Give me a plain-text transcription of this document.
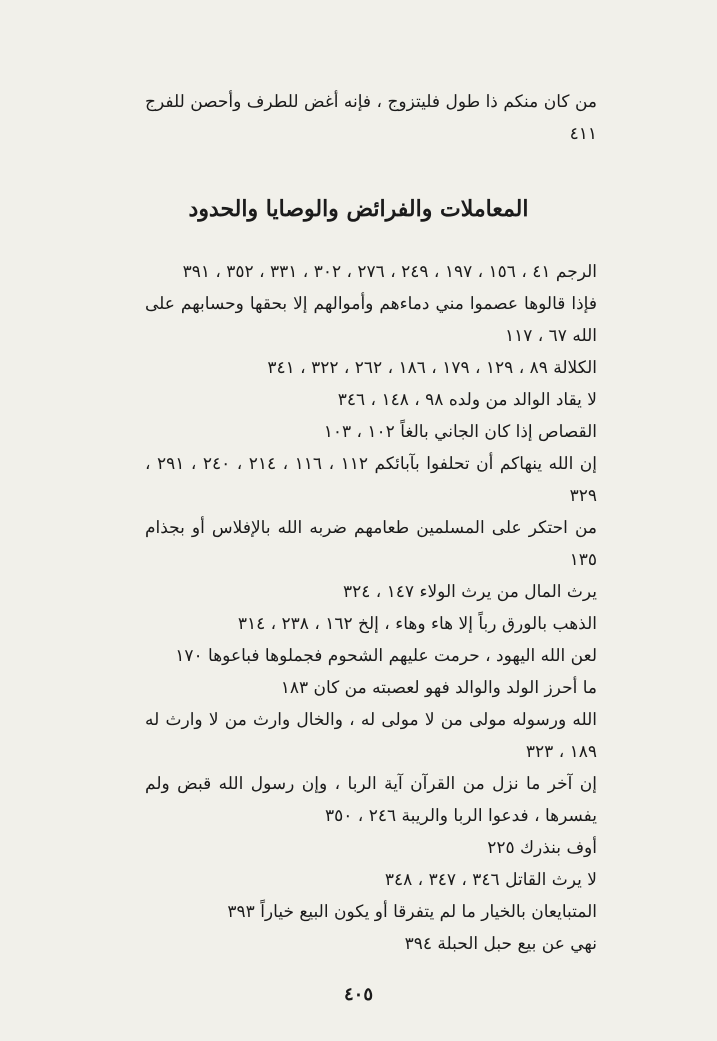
من كان منكم ذا طول فليتزوج ، فإنه أغض للطرف وأحصن للفرج ٤١١

المعاملات والفرائض والوصايا والحدود

الرجم ٤١ ، ١٥٦ ، ١٩٧ ، ٢٤٩ ، ٢٧٦ ، ٣٠٢ ، ٣٣١ ، ٣٥٢ ، ٣٩١

فإذا قالوها عصموا مني دماءهم وأموالهم إلا بحقها وحسابهم على الله ٦٧ ، ١١٧

الكلالة ٨٩ ، ١٢٩ ، ١٧٩ ، ١٨٦ ، ٢٦٢ ، ٣٢٢ ، ٣٤١

لا يقاد الوالد من ولده ٩٨ ، ١٤٨ ، ٣٤٦

القصاص إذا كان الجاني بالغاً ١٠٢ ، ١٠٣

إن الله ينهاكم أن تحلفوا بآبائكم ١١٢ ، ١١٦ ، ٢١٤ ، ٢٤٠ ، ٢٩١ ، ٣٢٩

من احتكر على المسلمين طعامهم ضربه الله بالإفلاس أو بجذام ١٣٥

يرث المال من يرث الولاء ١٤٧ ، ٣٢٤

الذهب بالورق رباً إلا هاء وهاء ، إلخ ١٦٢ ، ٢٣٨ ، ٣١٤

لعن الله اليهود ، حرمت عليهم الشحوم فجملوها فباعوها ١٧٠

ما أحرز الولد والوالد فهو لعصبته من كان ١٨٣

الله ورسوله مولى من لا مولى له ، والخال وارث من لا وارث له ١٨٩ ، ٣٢٣

إن آخر ما نزل من القرآن آية الربا ، وإن رسول الله قبض ولم يفسرها ، فدعوا الربا والريبة ٢٤٦ ، ٣٥٠

أوف بنذرك ٢٢٥

لا يرث القاتل ٣٤٦ ، ٣٤٧ ، ٣٤٨

المتبايعان بالخيار ما لم يتفرقا أو يكون البيع خياراً ٣٩٣

نهي عن بيع حبل الحبلة ٣٩٤

٤٠٥
